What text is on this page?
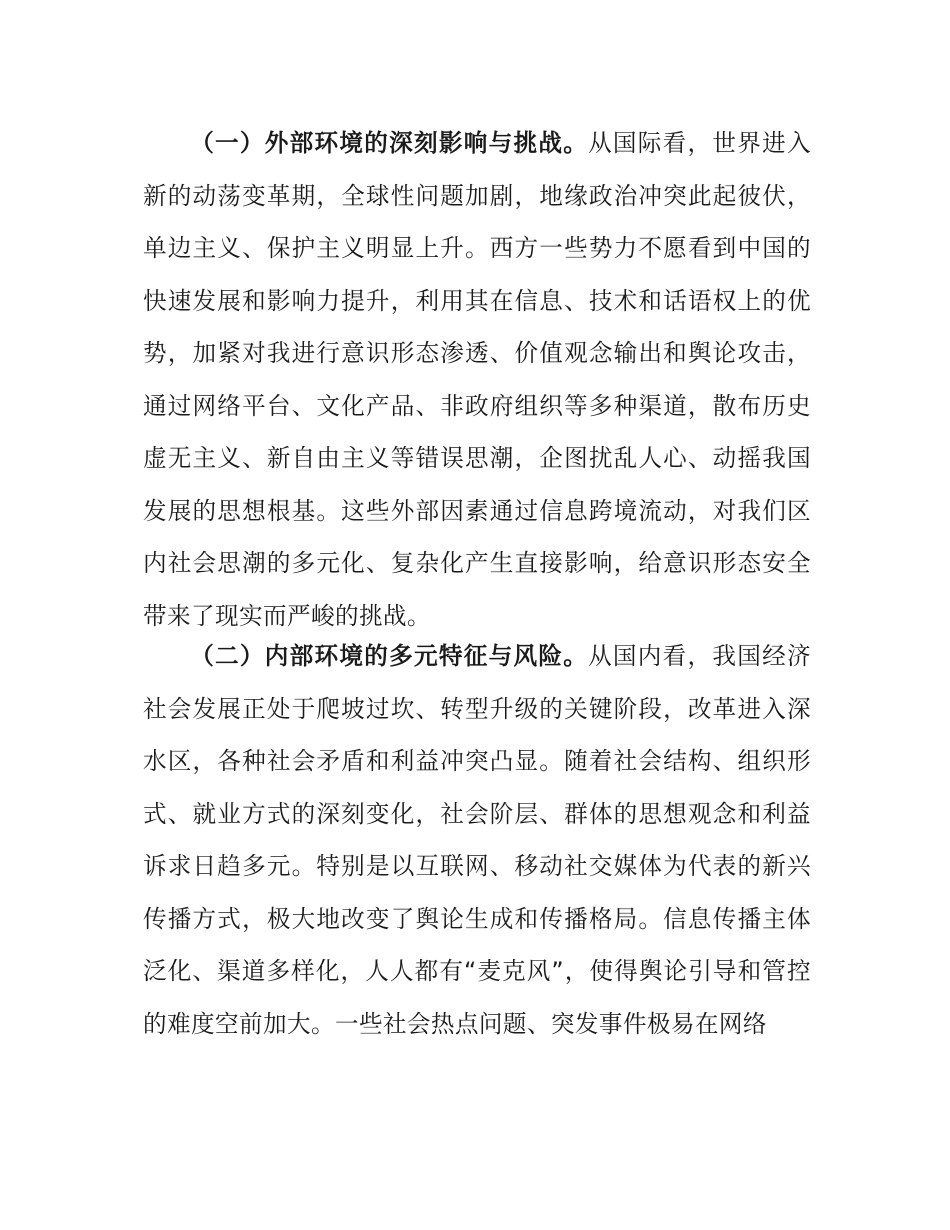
（一）外部环境的深刻影响与挑战。从国际看，世界进入新的动荡变革期，全球性问题加剧，地缘政治冲突此起彼伏，单边主义、保护主义明显上升。西方一些势力不愿看到中国的快速发展和影响力提升，利用其在信息、技术和话语权上的优势，加紧对我进行意识形态渗透、价值观念输出和舆论攻击，通过网络平台、文化产品、非政府组织等多种渠道，散布历史虚无主义、新自由主义等错误思潮，企图扰乱人心、动摇我国发展的思想根基。这些外部因素通过信息跨境流动，对我们区内社会思潮的多元化、复杂化产生直接影响，给意识形态安全带来了现实而严峻的挑战。

（二）内部环境的多元特征与风险。从国内看，我国经济社会发展正处于爬坡过坎、转型升级的关键阶段，改革进入深水区，各种社会矛盾和利益冲突凸显。随着社会结构、组织形式、就业方式的深刻变化，社会阶层、群体的思想观念和利益诉求日趋多元。特别是以互联网、移动社交媒体为代表的新兴传播方式，极大地改变了舆论生成和传播格局。信息传播主体泛化、渠道多样化，人人都有“麦克风”，使得舆论引导和管控的难度空前加大。一些社会热点问题、突发事件极易在网络
